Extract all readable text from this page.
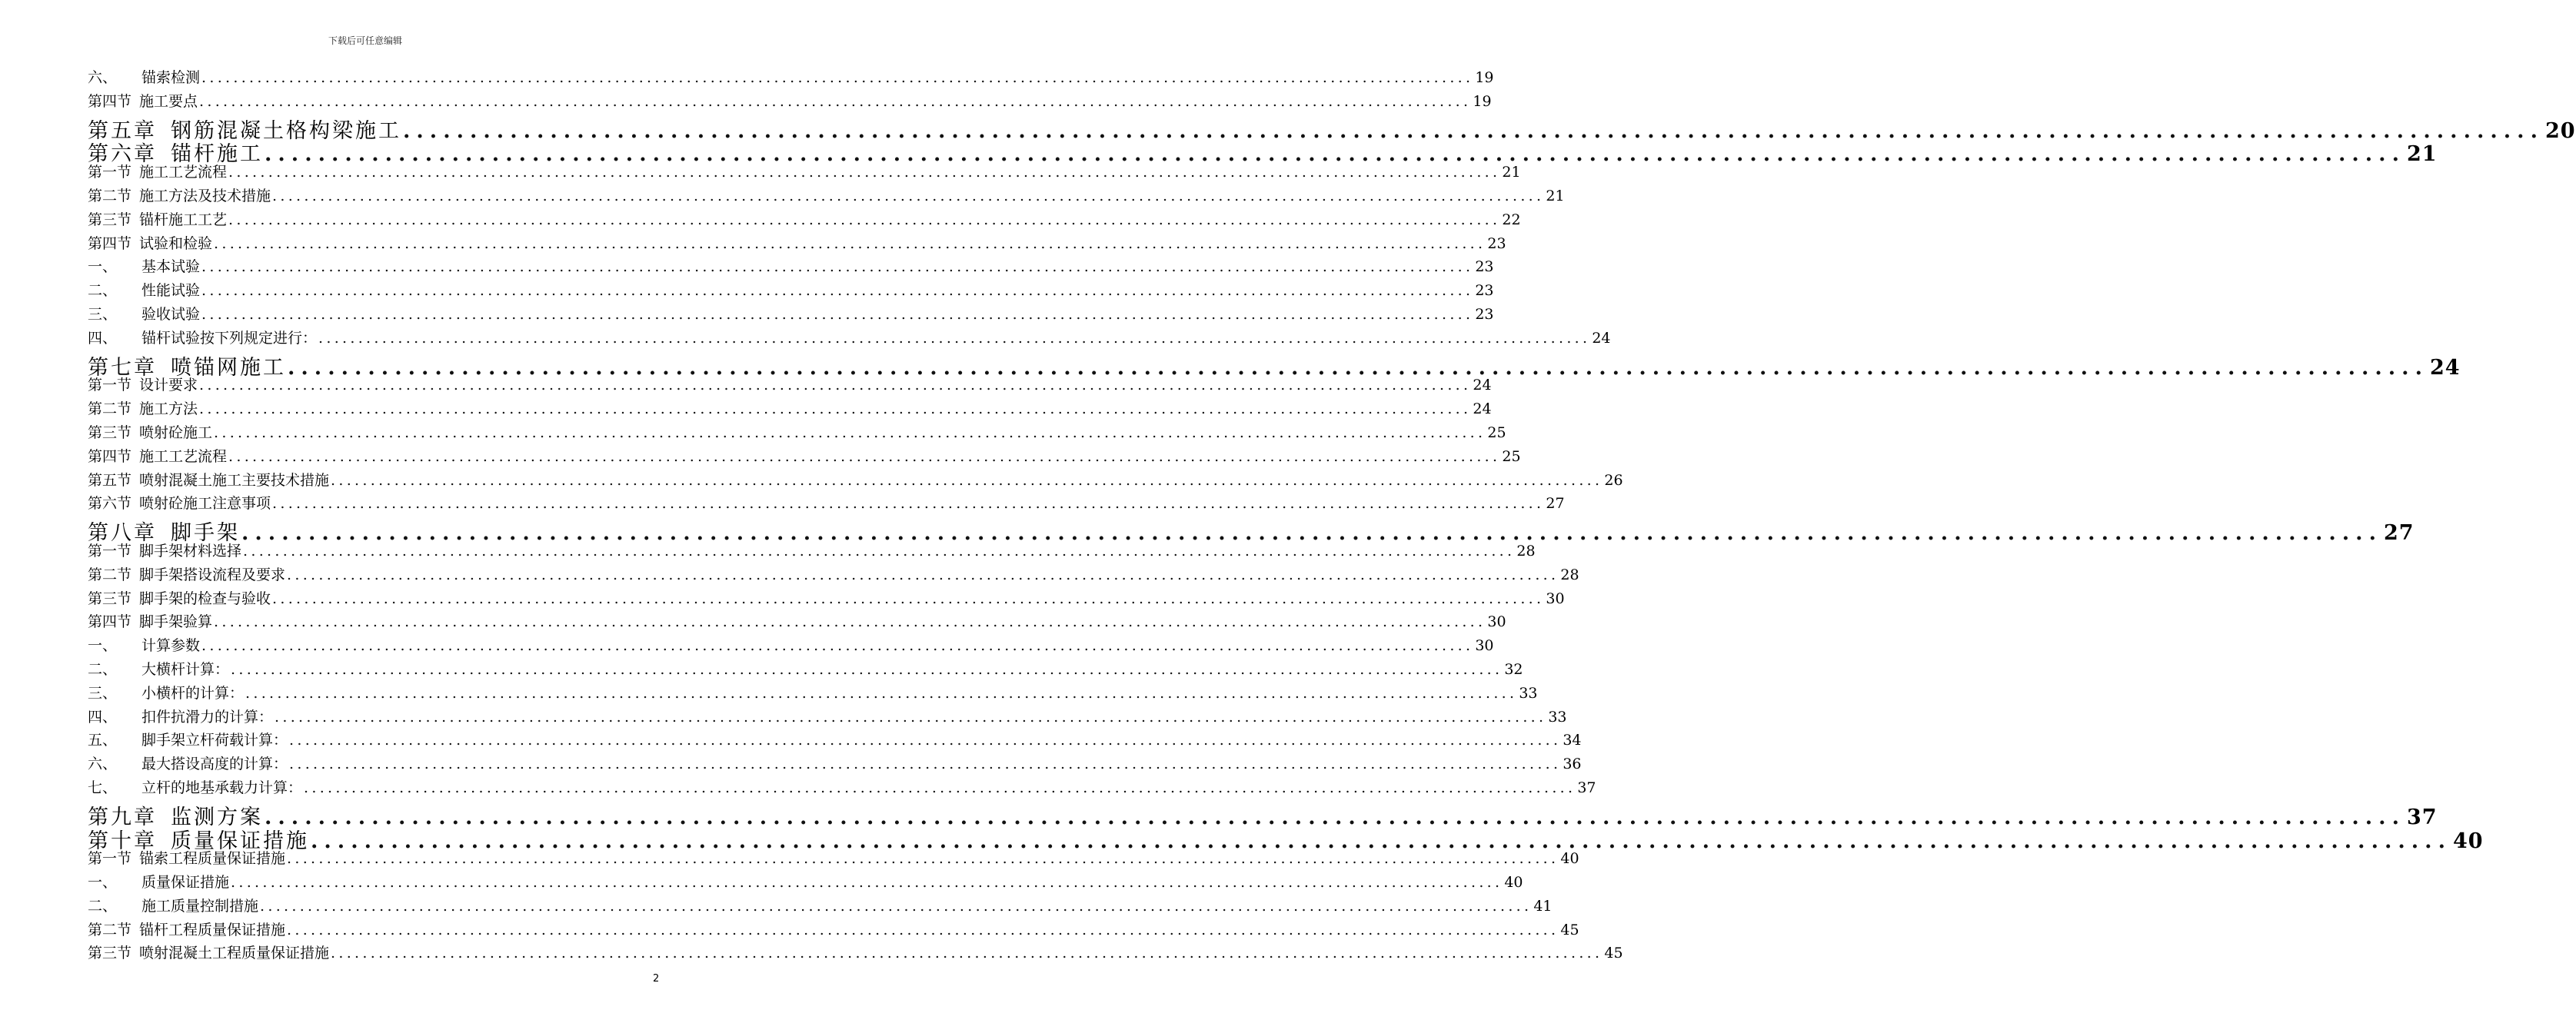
下载后可任意编辑
六、 锚索检测 ................................................................................................................................................................ 19
第四节 施工要点 ................................................................................................................................................................ 19
第五章 钢筋混凝土格构梁施工 ................................................................................................................................................................ 20
第六章 锚杆施工 ................................................................................................................................................................ 21
第一节 施工工艺流程 ................................................................................................................................................................ 21
第二节 施工方法及技术措施 ................................................................................................................................................................ 21
第三节 锚杆施工工艺 ................................................................................................................................................................ 22
第四节 试验和检验 ................................................................................................................................................................ 23
一、 基本试验 ................................................................................................................................................................ 23
二、 性能试验 ................................................................................................................................................................ 23
三、 验收试验 ................................................................................................................................................................ 23
四、 锚杆试验按下列规定进行： ................................................................................................................................................................ 24
第七章 喷锚网施工 ................................................................................................................................................................ 24
第一节 设计要求 ................................................................................................................................................................ 24
第二节 施工方法 ................................................................................................................................................................ 24
第三节 喷射砼施工 ................................................................................................................................................................ 25
第四节 施工工艺流程 ................................................................................................................................................................ 25
第五节 喷射混凝土施工主要技术措施 ................................................................................................................................................................ 26
第六节 喷射砼施工注意事项 ................................................................................................................................................................ 27
第八章 脚手架 ................................................................................................................................................................ 27
第一节 脚手架材料选择 ................................................................................................................................................................ 28
第二节 脚手架搭设流程及要求 ................................................................................................................................................................ 28
第三节 脚手架的检查与验收 ................................................................................................................................................................ 30
第四节 脚手架验算 ................................................................................................................................................................ 30
一、 计算参数 ................................................................................................................................................................ 30
二、 大横杆计算： ................................................................................................................................................................ 32
三、 小横杆的计算： ................................................................................................................................................................ 33
四、 扣件抗滑力的计算： ................................................................................................................................................................ 33
五、 脚手架立杆荷载计算： ................................................................................................................................................................ 34
六、 最大搭设高度的计算： ................................................................................................................................................................ 36
七、 立杆的地基承载力计算： ................................................................................................................................................................ 37
第九章 监测方案 ................................................................................................................................................................ 37
第十章 质量保证措施 ................................................................................................................................................................ 40
第一节 锚索工程质量保证措施 ................................................................................................................................................................ 40
一、 质量保证措施 ................................................................................................................................................................ 40
二、 施工质量控制措施 ................................................................................................................................................................ 41
第二节 锚杆工程质量保证措施 ................................................................................................................................................................ 45
第三节 喷射混凝土工程质量保证措施 ................................................................................................................................................................ 45
2
